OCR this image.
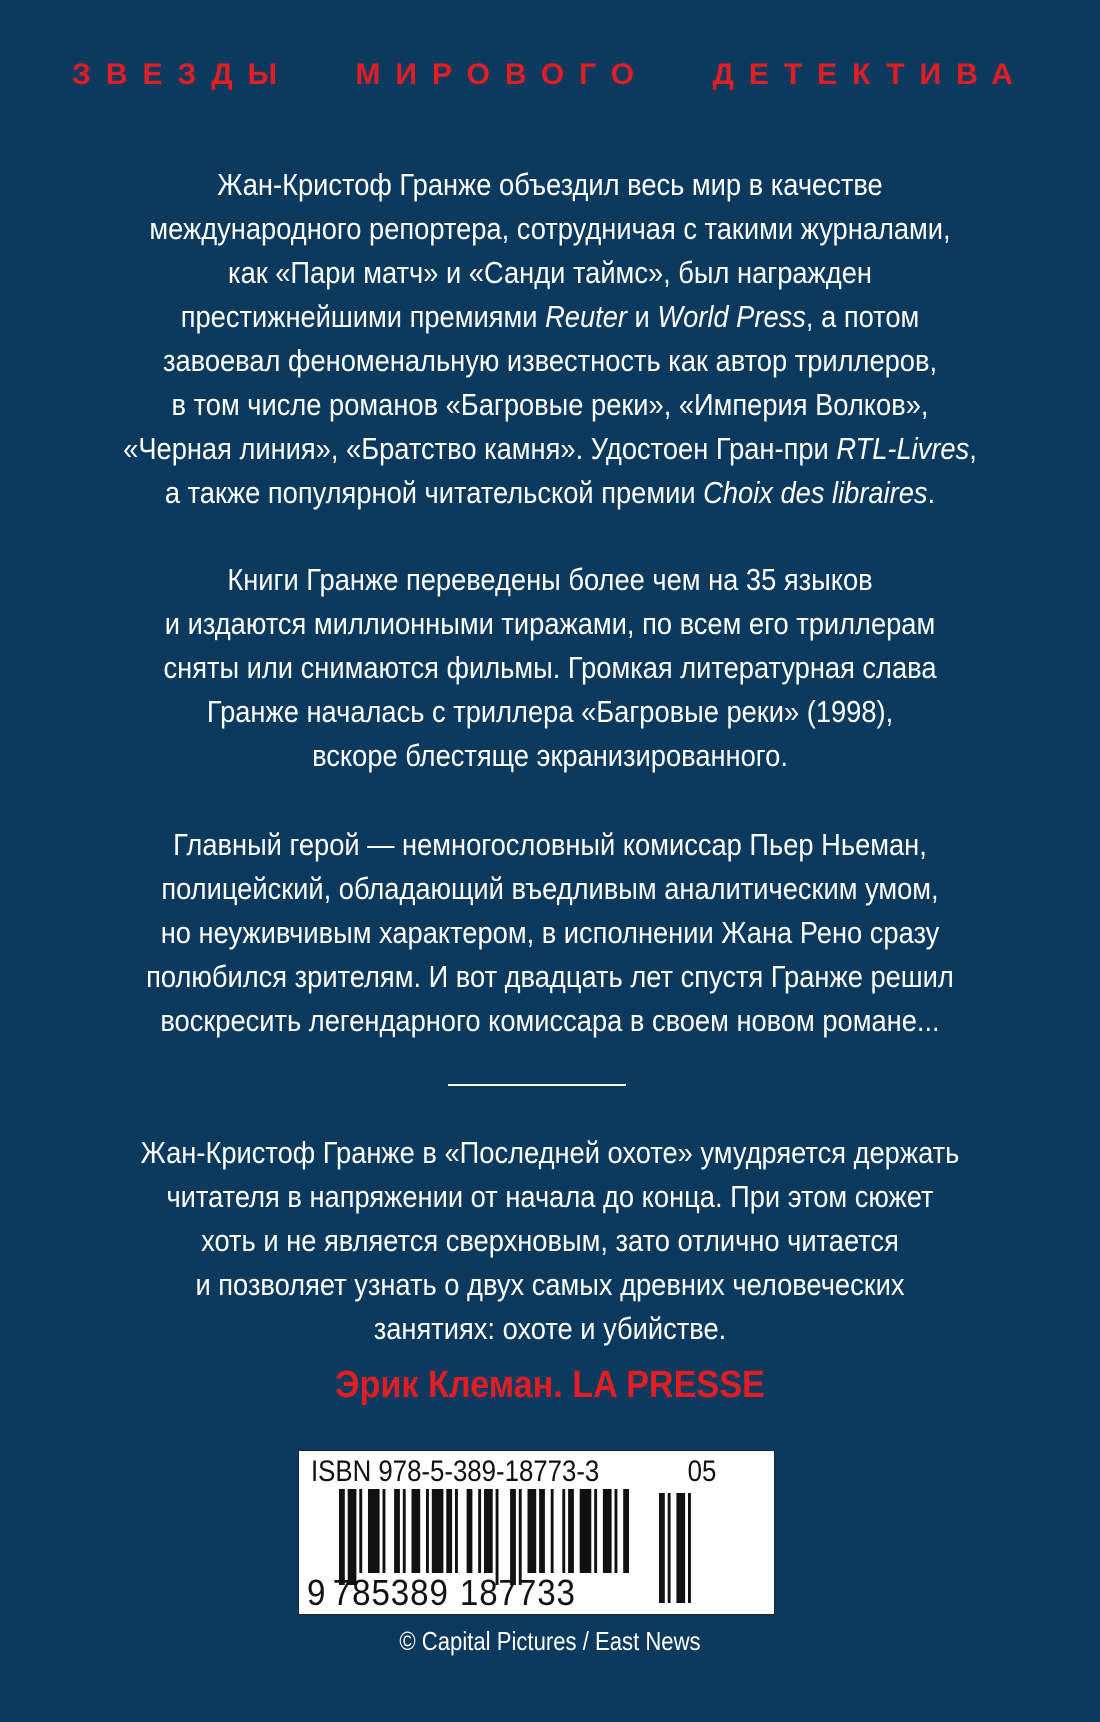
ЗВЕЗДЫ МИРОВОГО ДЕТЕКТИВА
Жан-Кристоф Гранже объездил весь мир в качестве
международного репортера, сотрудничая с такими журналами,
как «Пари матч» и «Санди таймс», был награжден
престижнейшими премиями Reuter и World Press, а потом
завоевал феноменальную известность как автор триллеров,
в том числе романов «Багровые реки», «Империя Волков»,
«Черная линия», «Братство камня». Удостоен Гран-при RTL-Livres,
а также популярной читательской премии Choix des libraires.
Книги Гранже переведены более чем на 35 языков
и издаются миллионными тиражами, по всем его триллерам
сняты или снимаются фильмы. Громкая литературная слава
Гранже началась с триллера «Багровые реки» (1998),
вскоре блестяще экранизированного.
Главный герой — немногословный комиссар Пьер Ньеман,
полицейский, обладающий въедливым аналитическим умом,
но неуживчивым характером, в исполнении Жана Рено сразу
полюбился зрителям. И вот двадцать лет спустя Гранже решил
воскресить легендарного комиссара в своем новом романе...
Жан-Кристоф Гранже в «Последней охоте» умудряется держать
читателя в напряжении от начала до конца. При этом сюжет
хоть и не является сверхновым, зато отлично читается
и позволяет узнать о двух самых древних человеческих
занятиях: охоте и убийстве.
Эрик Клеман. LA PRESSE
ISBN 978-5-389-18773-3	05
9 785389 187733
© Capital Pictures / East News
